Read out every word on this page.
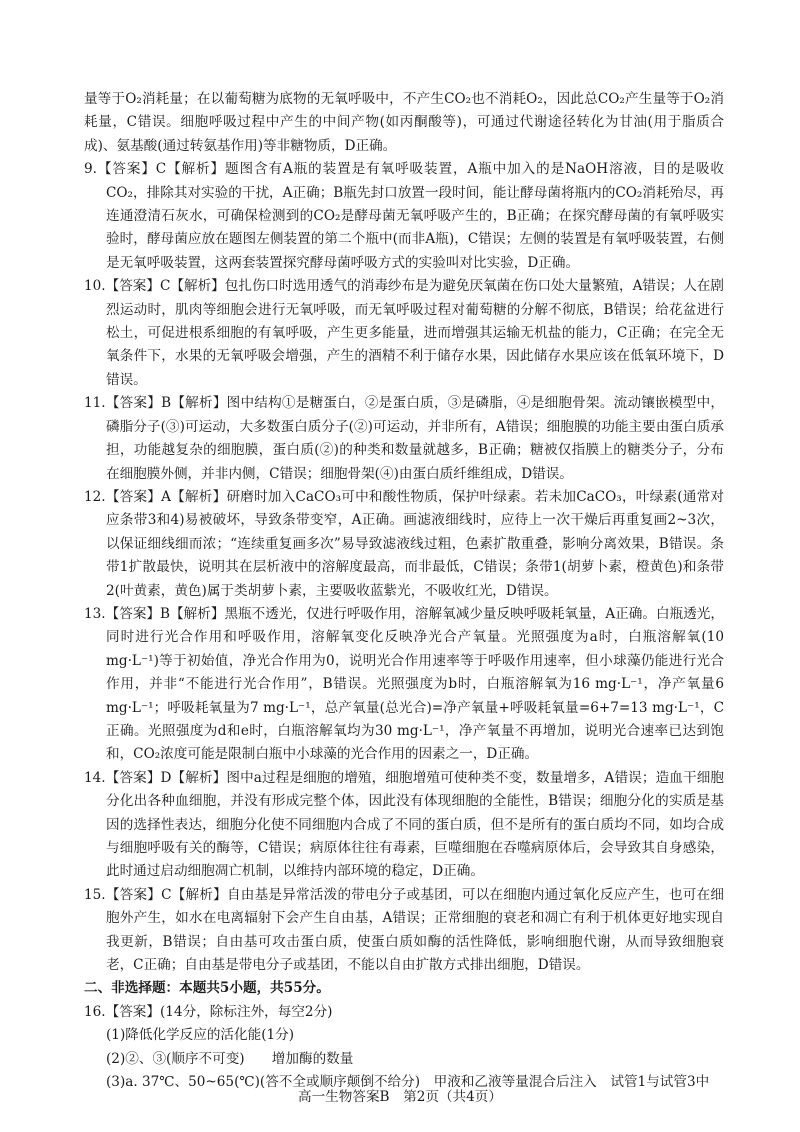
量等于O₂消耗量；在以葡萄糖为底物的无氧呼吸中，不产生CO₂也不消耗O₂，因此总CO₂产生量等于O₂消耗量，C错误。细胞呼吸过程中产生的中间产物(如丙酮酸等)，可通过代谢途径转化为甘油(用于脂质合成)、氨基酸(通过转氨基作用)等非糖物质，D正确。

9.【答案】C【解析】题图含有A瓶的装置是有氧呼吸装置，A瓶中加入的是NaOH溶液，目的是吸收CO₂，排除其对实验的干扰，A正确；B瓶先封口放置一段时间，能让酵母菌将瓶内的CO₂消耗殆尽，再连通澄清石灰水，可确保检测到的CO₂是酵母菌无氧呼吸产生的，B正确；在探究酵母菌的有氧呼吸实验时，酵母菌应放在题图左侧装置的第二个瓶中(而非A瓶)，C错误；左侧的装置是有氧呼吸装置，右侧是无氧呼吸装置，这两套装置探究酵母菌呼吸方式的实验叫对比实验，D正确。

10.【答案】C【解析】包扎伤口时选用透气的消毒纱布是为避免厌氧菌在伤口处大量繁殖，A错误；人在剧烈运动时，肌肉等细胞会进行无氧呼吸，而无氧呼吸过程对葡萄糖的分解不彻底，B错误；给花盆进行松土，可促进根系细胞的有氧呼吸，产生更多能量，进而增强其运输无机盐的能力，C正确；在完全无氧条件下，水果的无氧呼吸会增强，产生的酒精不利于储存水果，因此储存水果应该在低氧环境下，D错误。

11.【答案】B【解析】图中结构①是糖蛋白，②是蛋白质，③是磷脂，④是细胞骨架。流动镶嵌模型中，磷脂分子(③)可运动，大多数蛋白质分子(②)可运动，并非所有，A错误；细胞膜的功能主要由蛋白质承担，功能越复杂的细胞膜，蛋白质(②)的种类和数量就越多，B正确；糖被仅指膜上的糖类分子，分布在细胞膜外侧，并非内侧，C错误；细胞骨架(④)由蛋白质纤维组成，D错误。

12.【答案】A【解析】研磨时加入CaCO₃可中和酸性物质，保护叶绿素。若未加CaCO₃，叶绿素(通常对应条带3和4)易被破坏，导致条带变窄，A正确。画滤液细线时，应待上一次干燥后再重复画2~3次，以保证细线细而浓；“连续重复画多次”易导致滤液线过粗，色素扩散重叠，影响分离效果，B错误。条带1扩散最快，说明其在层析液中的溶解度最高，而非最低，C错误；条带1(胡萝卜素，橙黄色)和条带2(叶黄素，黄色)属于类胡萝卜素，主要吸收蓝紫光，不吸收红光，D错误。

13.【答案】B【解析】黑瓶不透光，仅进行呼吸作用，溶解氧减少量反映呼吸耗氧量，A正确。白瓶透光，同时进行光合作用和呼吸作用，溶解氧变化反映净光合产氧量。光照强度为a时，白瓶溶解氧(10 mg·L⁻¹)等于初始值，净光合作用为0，说明光合作用速率等于呼吸作用速率，但小球藻仍能进行光合作用，并非“不能进行光合作用”，B错误。光照强度为b时，白瓶溶解氧为16 mg·L⁻¹，净产氧量6 mg·L⁻¹；呼吸耗氧量为7 mg·L⁻¹，总产氧量(总光合)=净产氧量+呼吸耗氧量=6+7=13 mg·L⁻¹，C正确。光照强度为d和e时，白瓶溶解氧均为30 mg·L⁻¹，净产氧量不再增加，说明光合速率已达到饱和，CO₂浓度可能是限制白瓶中小球藻的光合作用的因素之一，D正确。

14.【答案】D【解析】图中a过程是细胞的增殖，细胞增殖可使种类不变，数量增多，A错误；造血干细胞分化出各种血细胞，并没有形成完整个体，因此没有体现细胞的全能性，B错误；细胞分化的实质是基因的选择性表达，细胞分化使不同细胞内合成了不同的蛋白质，但不是所有的蛋白质均不同，如均合成与细胞呼吸有关的酶等，C错误；病原体往往有毒素，巨噬细胞在吞噬病原体后，会导致其自身感染，此时通过启动细胞凋亡机制，以维持内部环境的稳定，D正确。

15.【答案】C【解析】自由基是异常活泼的带电分子或基团，可以在细胞内通过氧化反应产生，也可在细胞外产生，如水在电离辐射下会产生自由基，A错误；正常细胞的衰老和凋亡有利于机体更好地实现自我更新，B错误；自由基可攻击蛋白质，使蛋白质如酶的活性降低，影响细胞代谢，从而导致细胞衰老，C正确；自由基是带电分子或基团，不能以自由扩散方式排出细胞，D错误。

二、非选择题：本题共5小题，共55分。

16.【答案】(14分，除标注外，每空2分)

(1)降低化学反应的活化能(1分)

(2)②、③(顺序不可变)　　增加酶的数量

(3)a. 37℃、50~65(℃)(答不全或顺序颠倒不给分)　甲液和乙液等量混合后注入　试管1与试管3中

高一生物答案B　第2页（共4页）
